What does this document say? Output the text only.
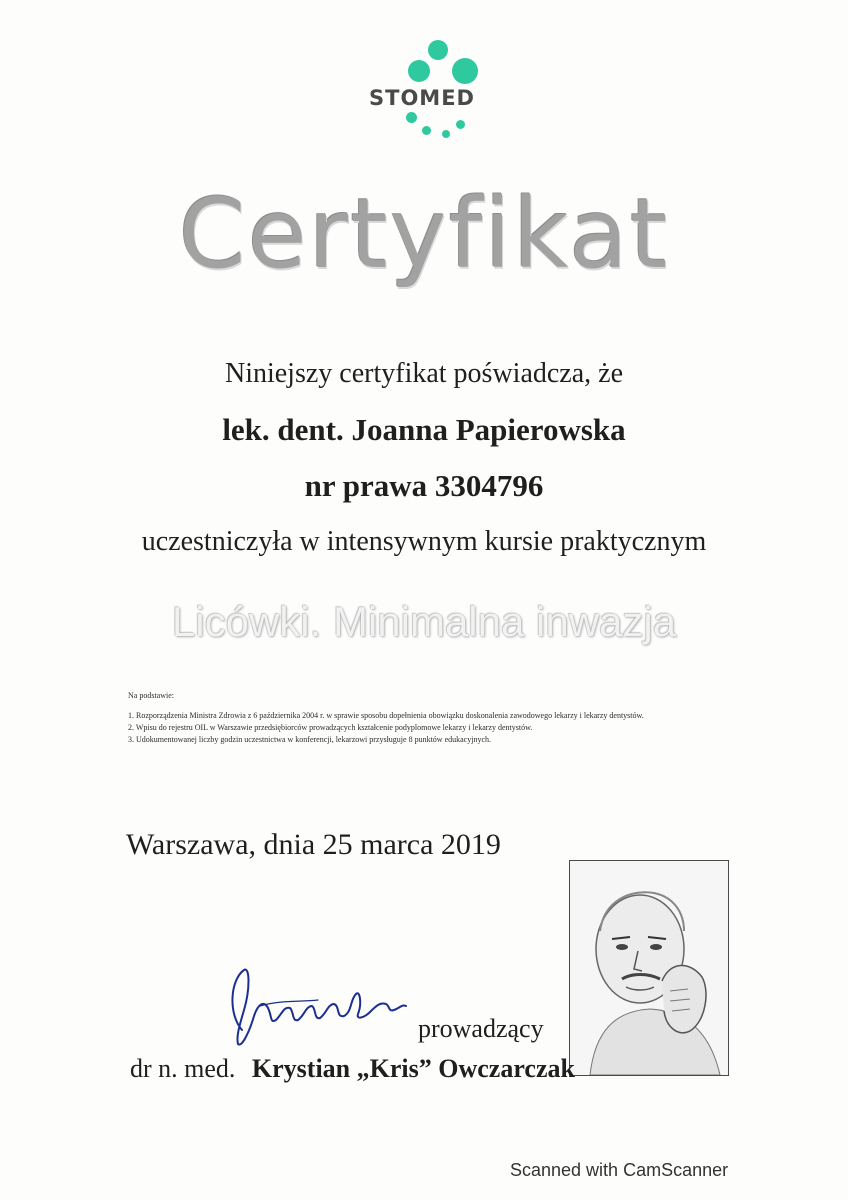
STOMED
Certyfikat
Niniejszy certyfikat poświadcza, że
lek. dent. Joanna Papierowska
nr prawa 3304796
uczestniczyła w intensywnym kursie praktycznym
Licówki. Minimalna inwazja
Na podstawie:
1. Rozporządzenia Ministra Zdrowia z 6 października 2004 r. w sprawie sposobu dopełnienia obowiązku doskonalenia zawodowego lekarzy i lekarzy dentystów.
2. Wpisu do rejestru OIL w Warszawie przedsiębiorców prowadzących kształcenie podyplomowe lekarzy i lekarzy dentystów.
3. Udokumentowanej liczby godzin uczestnictwa w konferencji, lekarzowi przysługuje 8 punktów edukacyjnych.
Warszawa, dnia 25 marca 2019
prowadzący
dr n. med. Krystian „Kris” Owczarczak
Scanned with CamScanner
